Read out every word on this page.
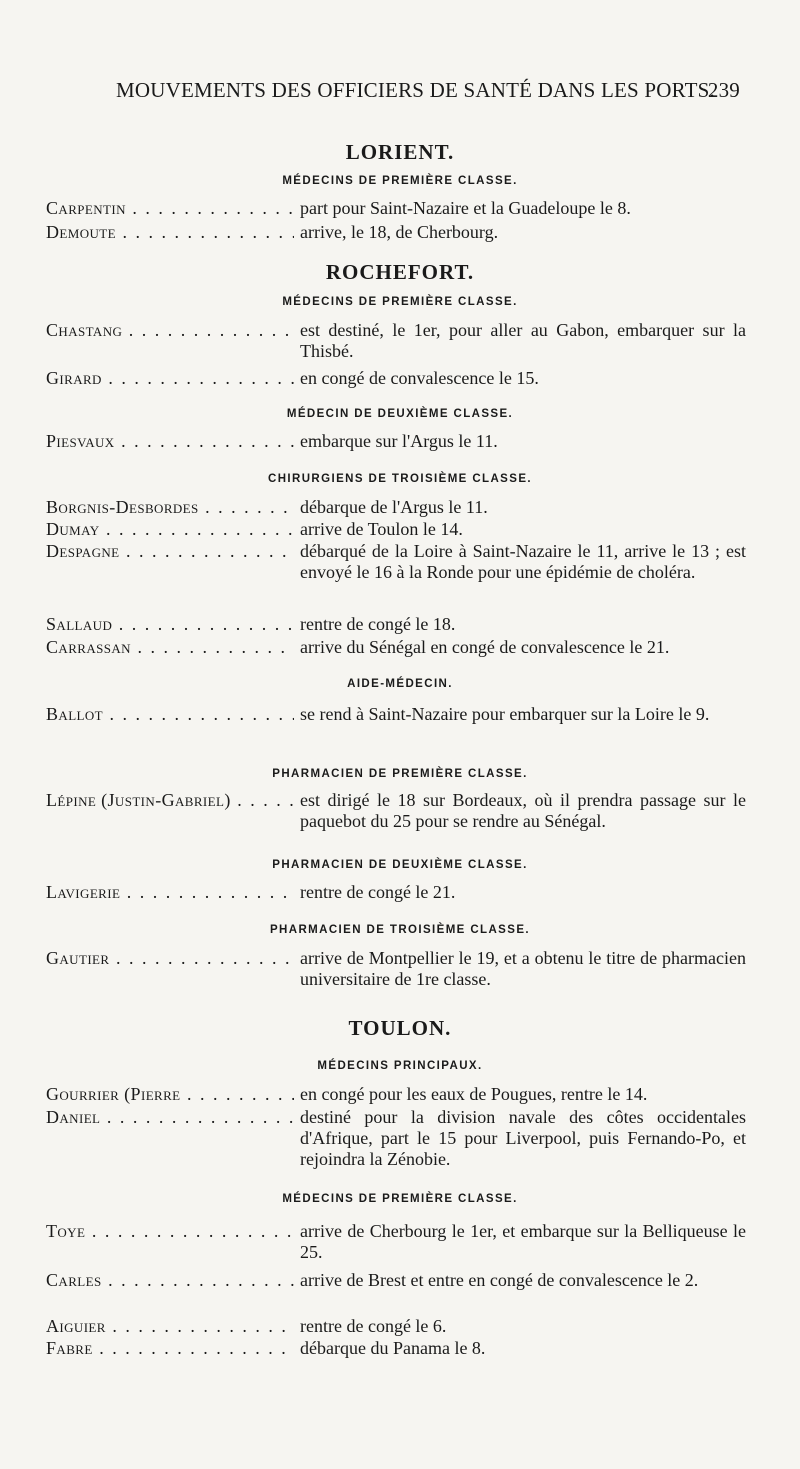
MOUVEMENTS DES OFFICIERS DE SANTÉ DANS LES PORTS.
239
LORIENT.
MÉDECINS DE PREMIÈRE CLASSE.
Carpentin . . .	part pour Saint-Nazaire et la Guadeloupe le 8.
Demoute . . .	arrive, le 18, de Cherbourg.
ROCHEFORT.
MÉDECINS DE PREMIÈRE CLASSE.
Chastang . . .	est destiné, le 1er, pour aller au Gabon, embarquer sur la Thisbé.
Girard . . .	en congé de convalescence le 15.
MÉDECIN DE DEUXIÈME CLASSE.
Piesvaux . . .	embarque sur l'Argus le 11.
CHIRURGIENS DE TROISIÈME CLASSE.
Borgnis-Desbordes . . .	débarque de l'Argus le 11.
Dumay . . .	arrive de Toulon le 14.
Despagne . . .	débarqué de la Loire à Saint-Nazaire le 11, arrive le 13 ; est envoyé le 16 à la Ronde pour une épidémie de choléra.
Sallaud . . .	rentre de congé le 18.
Carrassan . . .	arrive du Sénégal en congé de convalescence le 21.
AIDE-MÉDECIN.
Ballot . . .	se rend à Saint-Nazaire pour embarquer sur la Loire le 9.
PHARMACIEN DE PREMIÈRE CLASSE.
Lépine (Justin-Gabriel) . . .	est dirigé le 18 sur Bordeaux, où il prendra passage sur le paquebot du 25 pour se rendre au Sénégal.
PHARMACIEN DE DEUXIÈME CLASSE.
Lavigerie . . .	rentre de congé le 21.
PHARMACIEN DE TROISIÈME CLASSE.
Gautier . . .	arrive de Montpellier le 19, et a obtenu le titre de pharmacien universitaire de 1re classe.
TOULON.
MÉDECINS PRINCIPAUX.
Gourrier (Pierre . . .	en congé pour les eaux de Pougues, rentre le 14.
Daniel . . .	destiné pour la division navale des côtes occidentales d'Afrique, part le 15 pour Liverpool, puis Fernando-Po, et rejoindra la Zénobie.
MÉDECINS DE PREMIÈRE CLASSE.
Toye . . .	arrive de Cherbourg le 1er, et embarque sur la Belliqueuse le 25.
Carles . . .	arrive de Brest et entre en congé de convalescence le 2.
Aiguier . . .	rentre de congé le 6.
Fabre . . .	débarque du Panama le 8.
